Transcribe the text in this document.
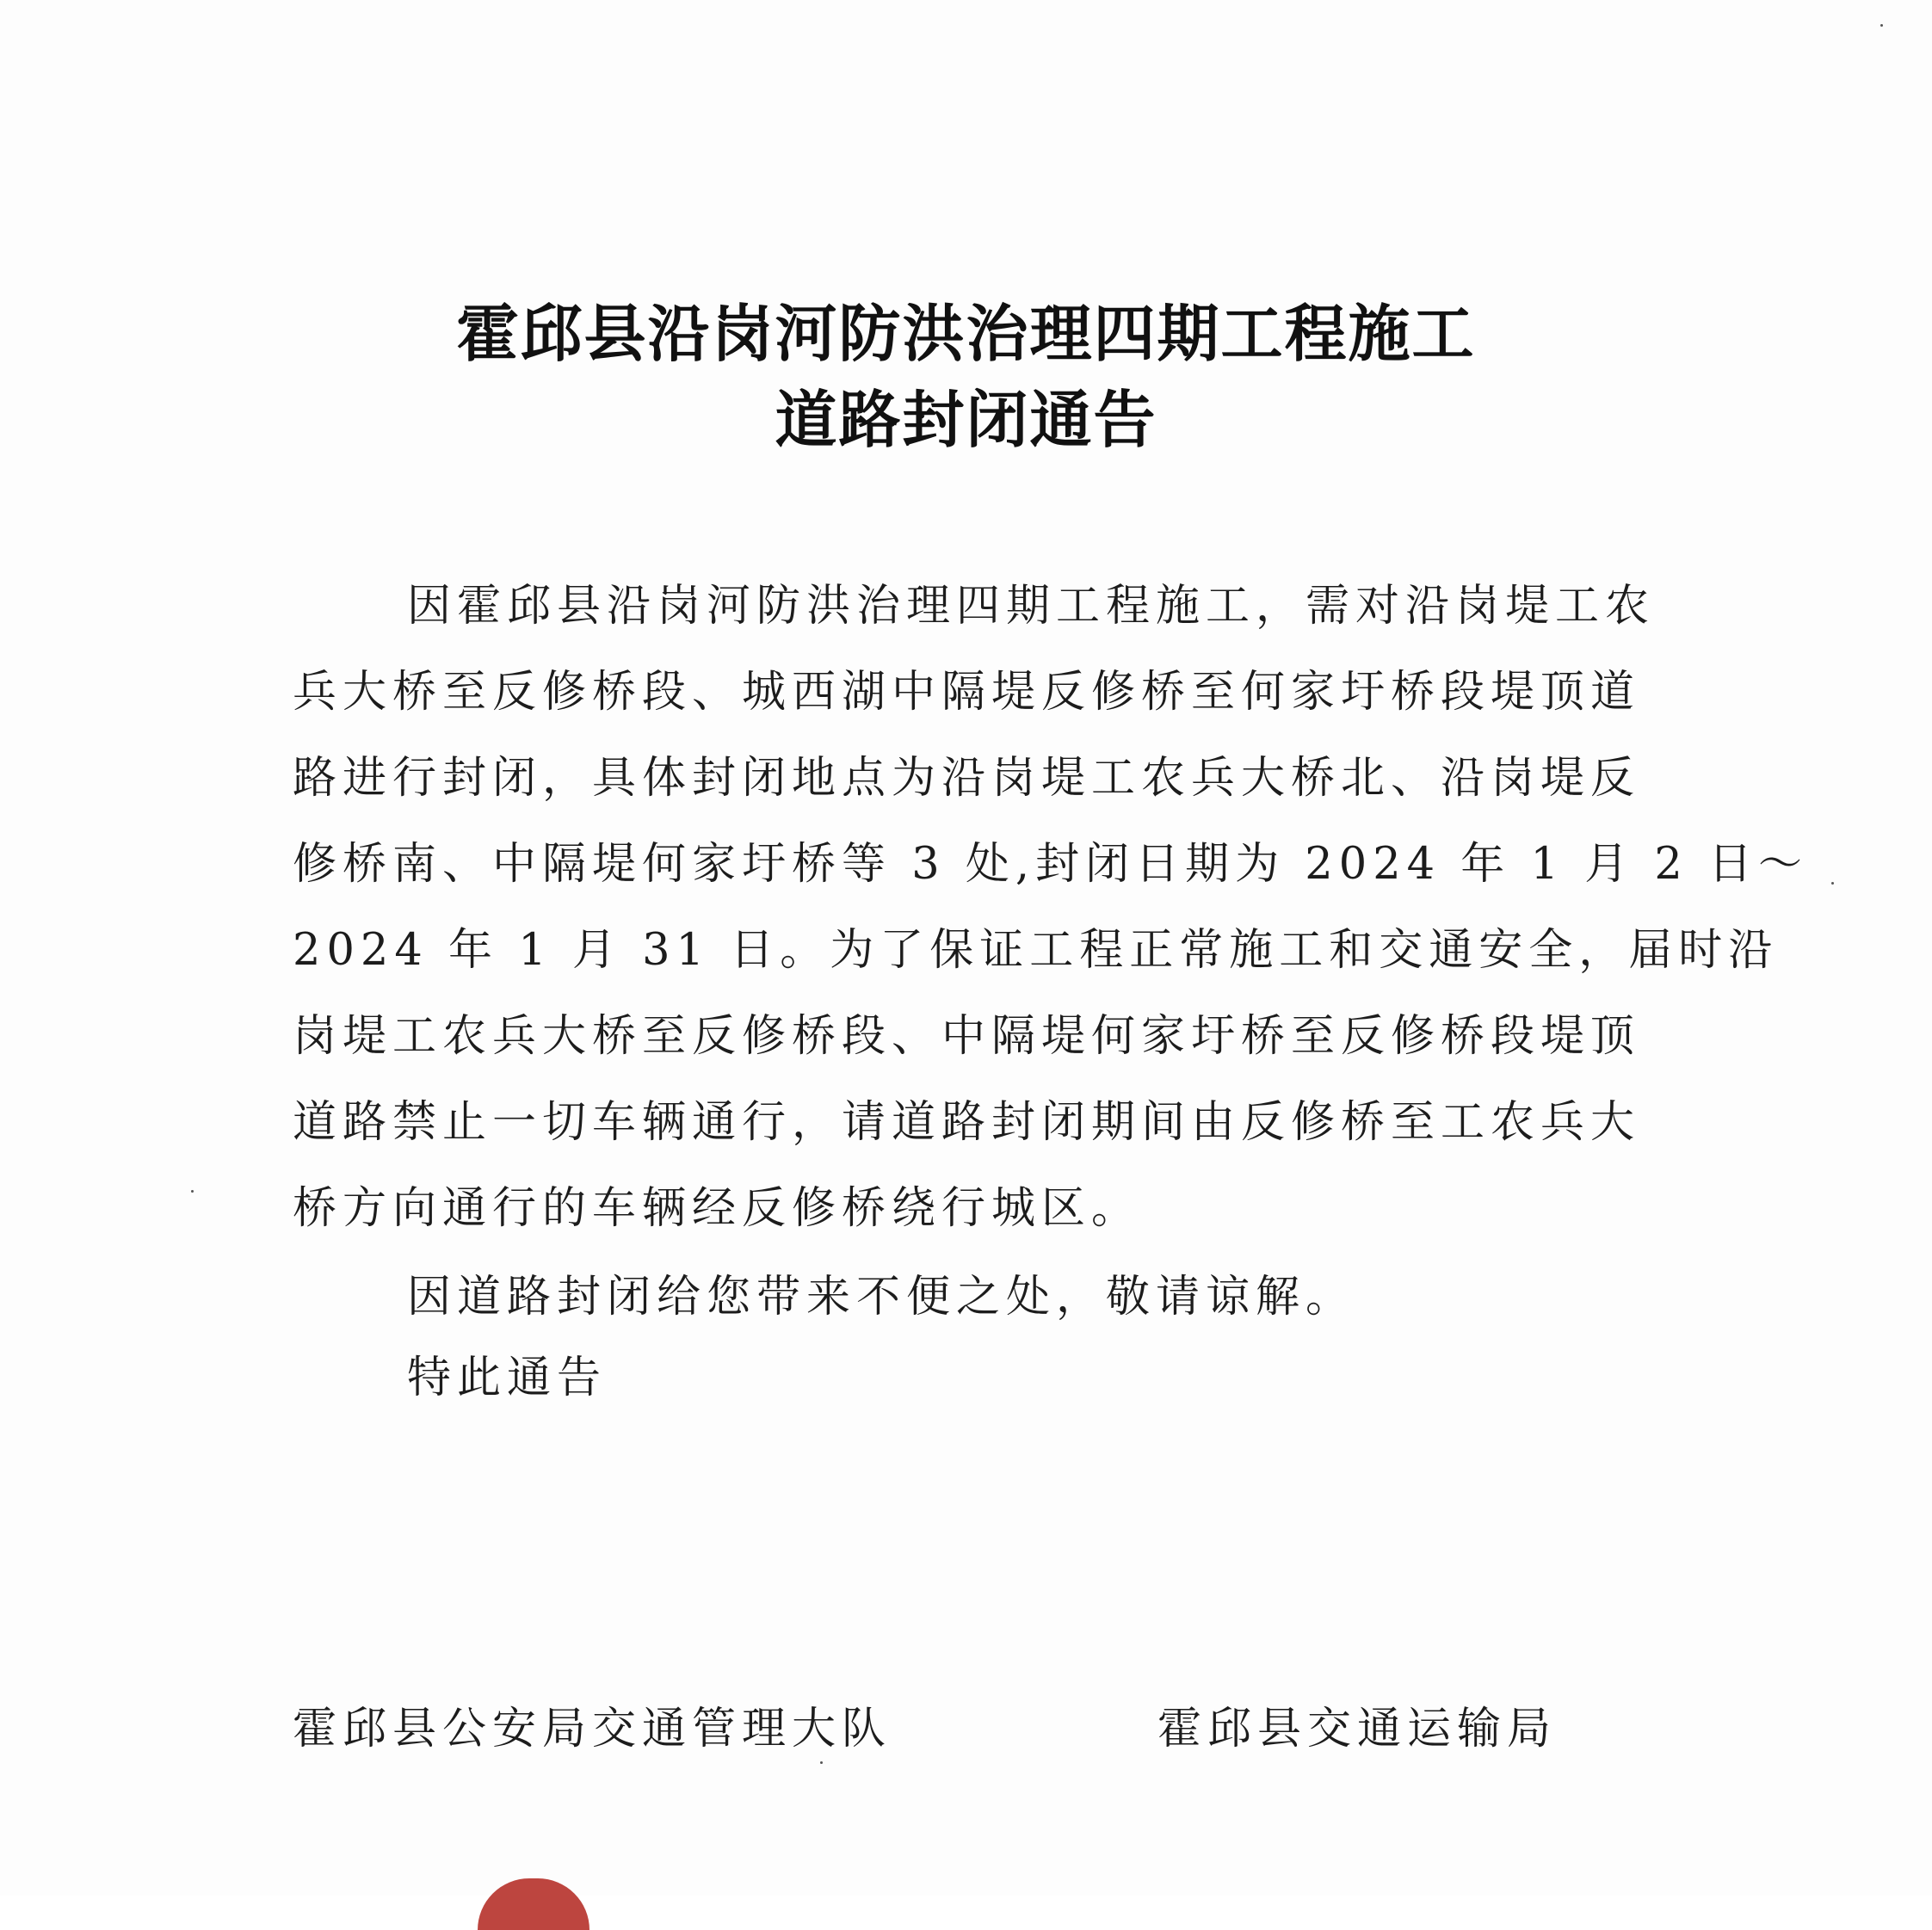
霍邱县沿岗河防洪治理四期工程施工
道路封闭通告
因霍邱县沿岗河防洪治理四期工程施工，需对沿岗堤工农
兵大桥至反修桥段、城西湖中隔堤反修桥至何家圩桥段堤顶道
路进行封闭，具体封闭地点为沿岗堤工农兵大桥北、沿岗堤反
修桥南、中隔堤何家圩桥等 3 处,封闭日期为 2024 年 1 月 2 日～
2024 年 1 月 31 日。为了保证工程正常施工和交通安全，届时沿
岗堤工农兵大桥至反修桥段、中隔堤何家圩桥至反修桥段堤顶
道路禁止一切车辆通行，请道路封闭期间由反修桥至工农兵大
桥方向通行的车辆经反修桥绕行城区。
因道路封闭给您带来不便之处，敬请谅解。
特此通告
霍邱县公安局交通管理大队	霍邱县交通运输局
